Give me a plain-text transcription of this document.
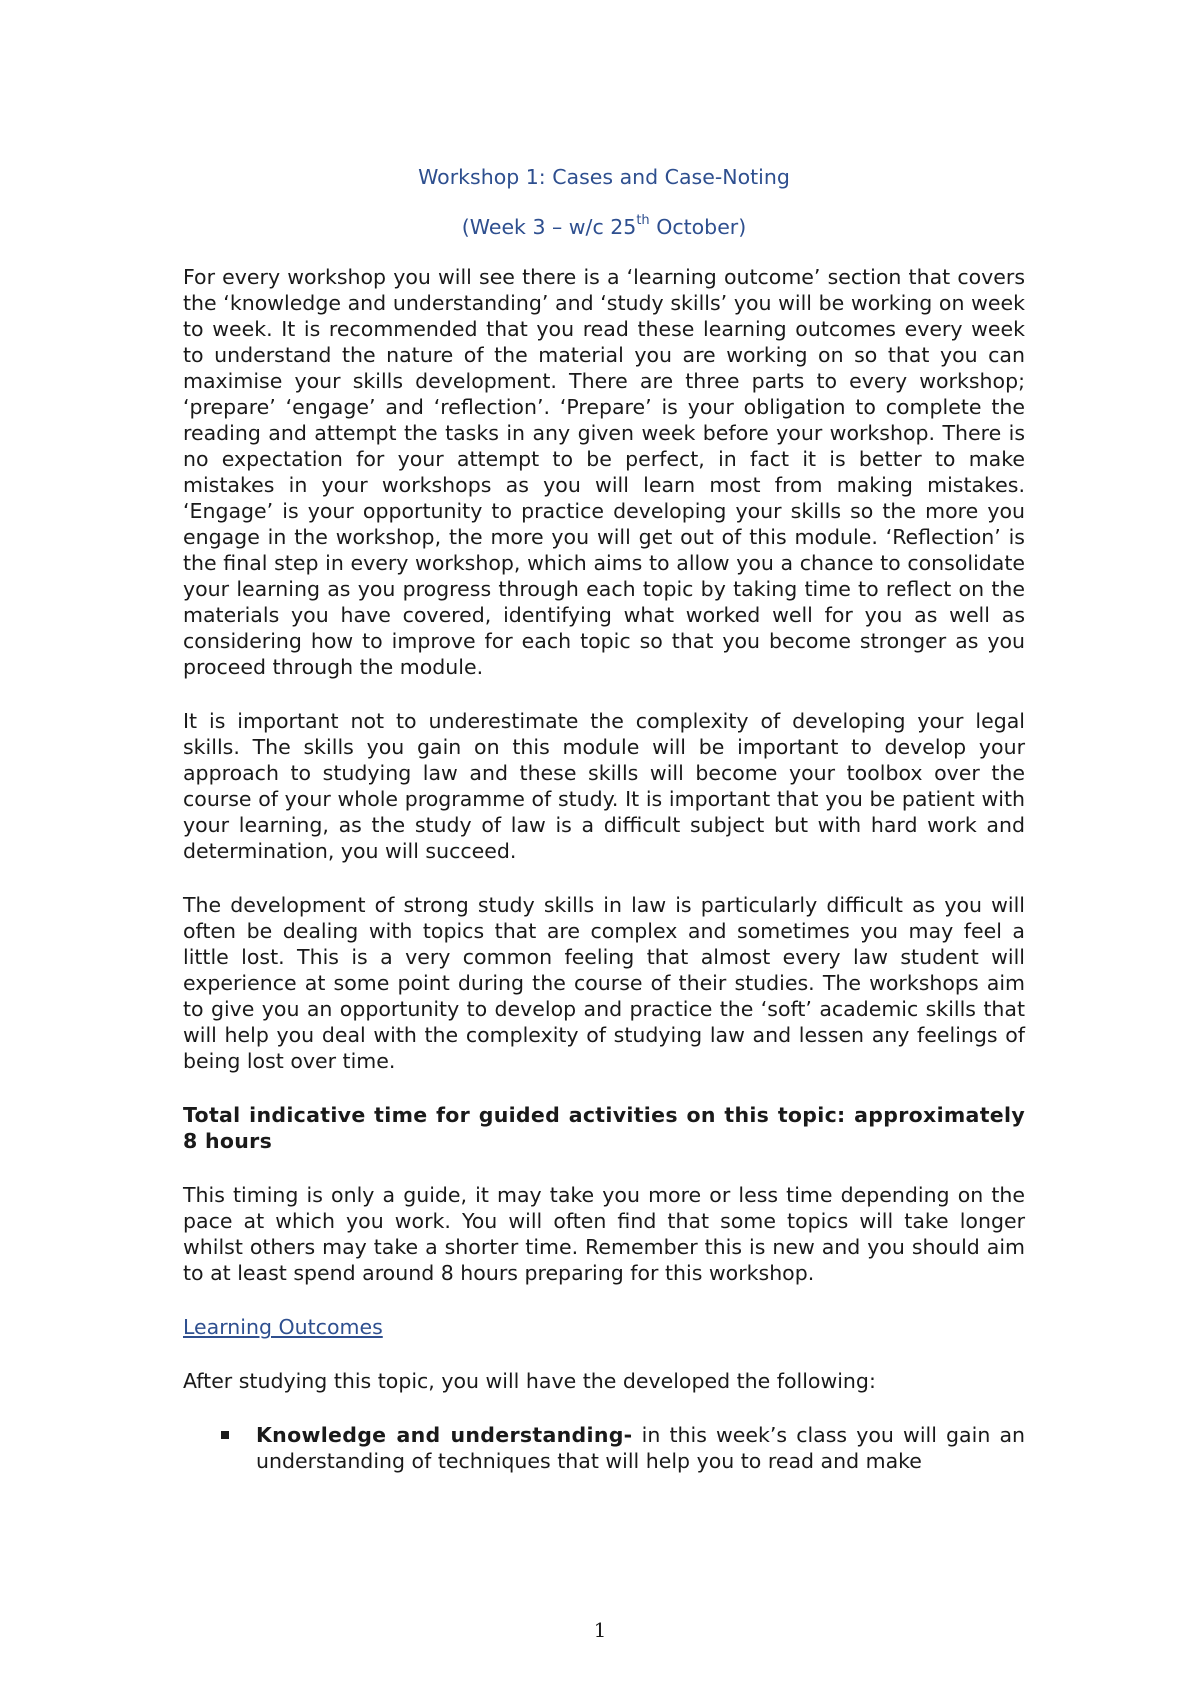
Workshop 1: Cases and Case-Noting
(Week 3 – w/c 25th October)

For every workshop you will see there is a ‘learning outcome’ section that covers the ‘knowledge and understanding’ and ‘study skills’ you will be working on week to week. It is recommended that you read these learning outcomes every week to understand the nature of the material you are working on so that you can maximise your skills development. There are three parts to every workshop; ‘prepare’ ‘engage’ and ‘reflection’. ‘Prepare’ is your obligation to complete the reading and attempt the tasks in any given week before your workshop. There is no expectation for your attempt to be perfect, in fact it is better to make mistakes in your workshops as you will learn most from making mistakes. ‘Engage’ is your opportunity to practice developing your skills so the more you engage in the workshop, the more you will get out of this module. ‘Reflection’ is the final step in every workshop, which aims to allow you a chance to consolidate your learning as you progress through each topic by taking time to reflect on the materials you have covered, identifying what worked well for you as well as considering how to improve for each topic so that you become stronger as you proceed through the module.

It is important not to underestimate the complexity of developing your legal skills. The skills you gain on this module will be important to develop your approach to studying law and these skills will become your toolbox over the course of your whole programme of study. It is important that you be patient with your learning, as the study of law is a difficult subject but with hard work and determination, you will succeed.

The development of strong study skills in law is particularly difficult as you will often be dealing with topics that are complex and sometimes you may feel a little lost. This is a very common feeling that almost every law student will experience at some point during the course of their studies. The workshops aim to give you an opportunity to develop and practice the ‘soft’ academic skills that will help you deal with the complexity of studying law and lessen any feelings of being lost over time.

Total indicative time for guided activities on this topic: approximately 8 hours

This timing is only a guide, it may take you more or less time depending on the pace at which you work. You will often find that some topics will take longer whilst others may take a shorter time. Remember this is new and you should aim to at least spend around 8 hours preparing for this workshop.

Learning Outcomes

After studying this topic, you will have the developed the following:

Knowledge and understanding- in this week’s class you will gain an understanding of techniques that will help you to read and make
1
